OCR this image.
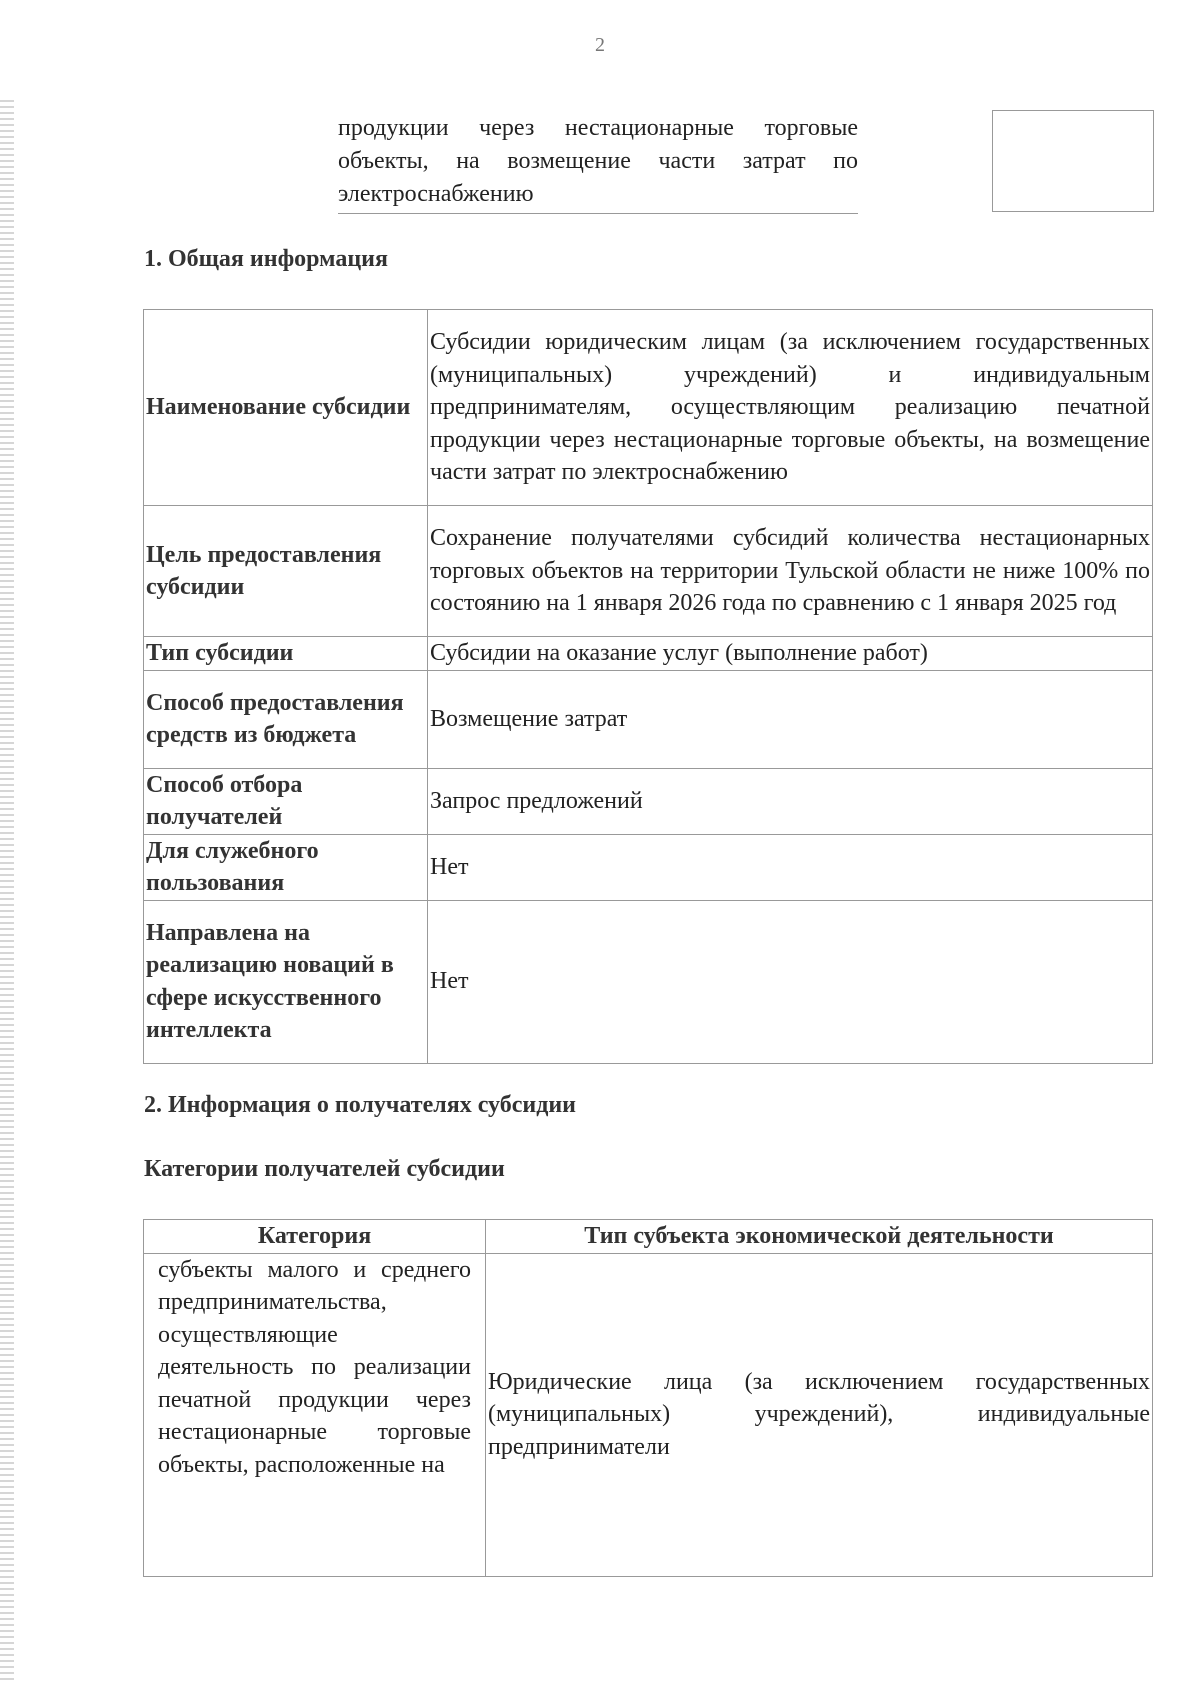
2
продукции через нестационарные торговые объекты, на возмещение части затрат по электроснабжению
1. Общая информация
Наименование субсидии	Субсидии юридическим лицам (за исключением государственных (муниципальных) учреждений) и индивидуальным предпринимателям, осуществляющим реализацию печатной продукции через нестационарные торговые объекты, на возмещение части затрат по электроснабжению
Цель предоставления субсидии	Сохранение получателями субсидий количества нестационарных торговых объектов на территории Тульской области не ниже 100% по состоянию на 1 января 2026 года по сравнению с 1 января 2025 год
Тип субсидии	Субсидии на оказание услуг (выполнение работ)
Способ предоставления средств из бюджета	Возмещение затрат
Способ отбора получателей	Запрос предложений
Для служебного пользования	Нет
Направлена на реализацию новаций в сфере искусственного интеллекта	Нет
2. Информация о получателях субсидии
Категории получателей субсидии
Категория	Тип субъекта экономической деятельности
субъекты малого и среднего предпринимательства, осуществляющие деятельность по реализации печатной продукции через нестационарные торговые объекты, расположенные на	Юридические лица (за исключением государственных (муниципальных) учреждений), индивидуальные предприниматели
